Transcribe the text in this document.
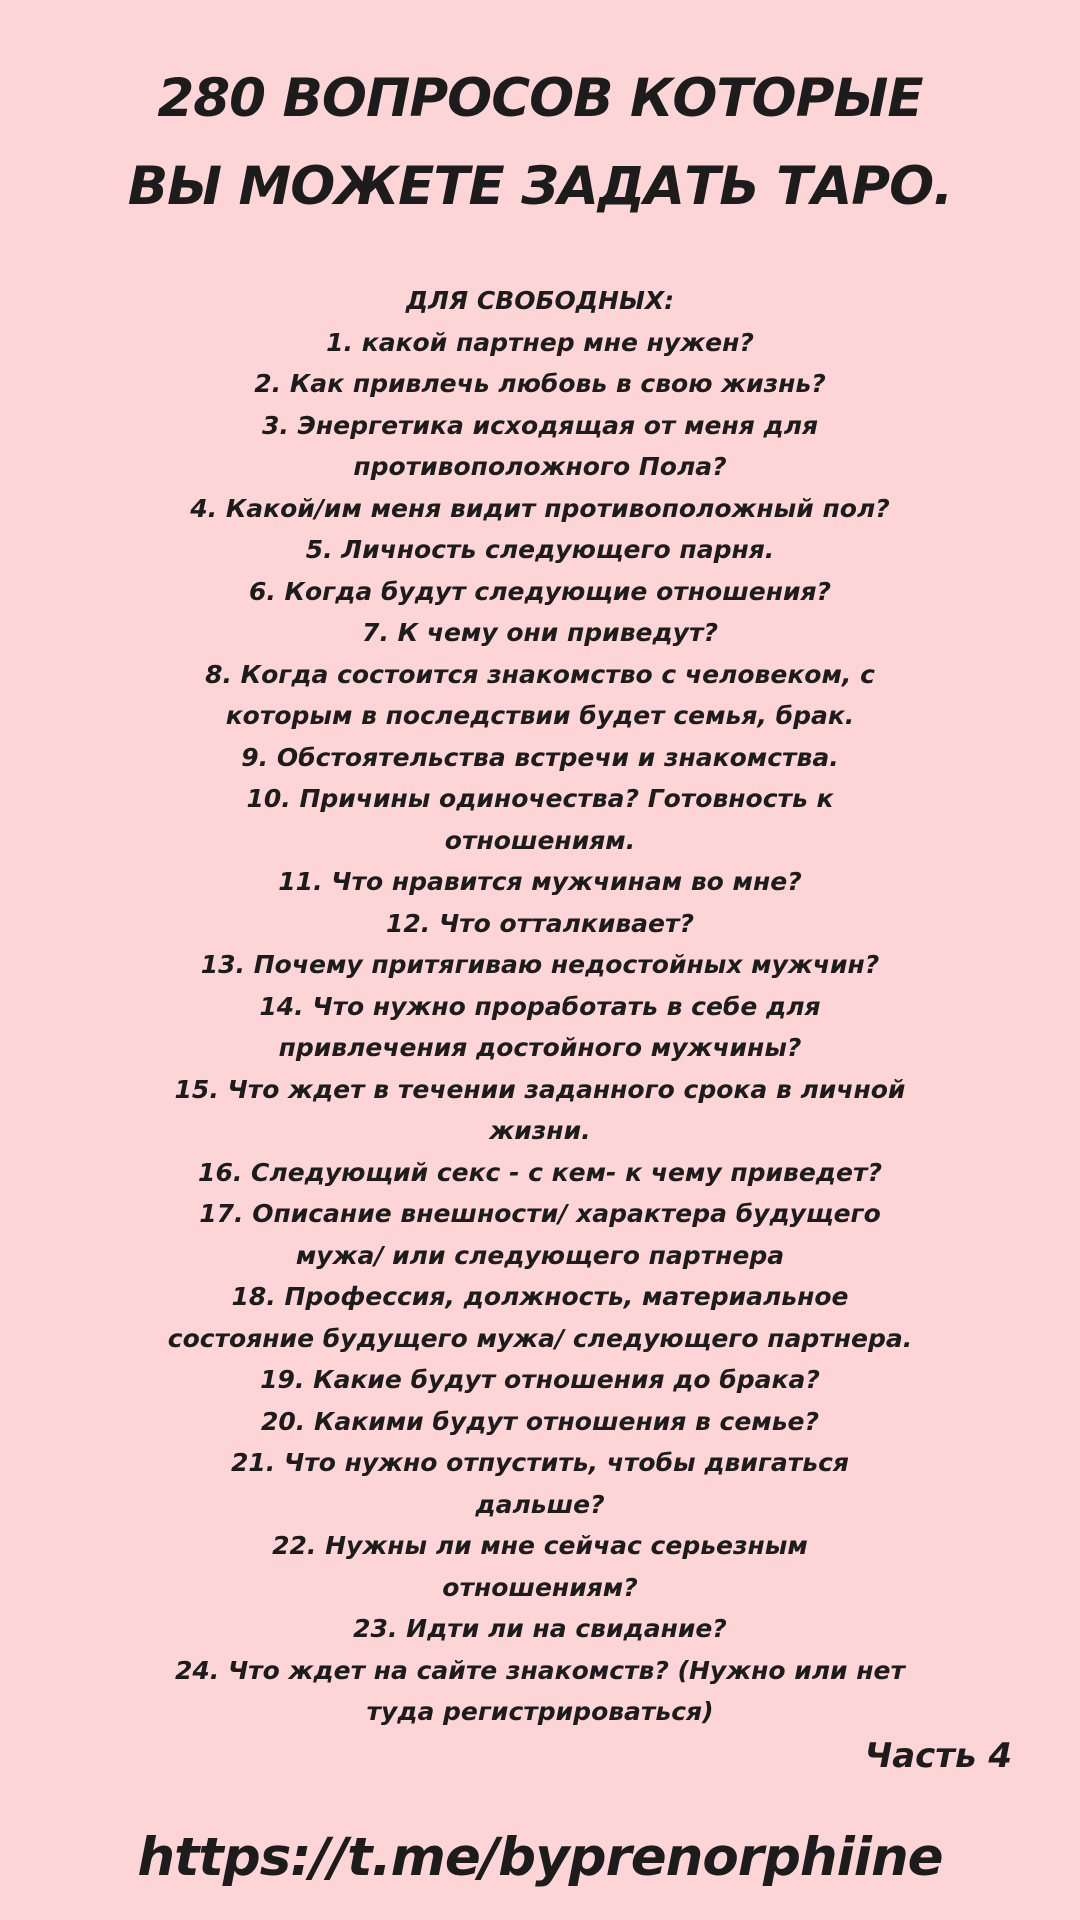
280 ВОПРОСОВ КОТОРЫЕ
ВЫ МОЖЕТЕ ЗАДАТЬ ТАРО.
ДЛЯ СВОБОДНЫХ:
1. какой партнер мне нужен?
2. Как привлечь любовь в свою жизнь?
3. Энергетика исходящая от меня для
противоположного Пола?
4. Какой/им меня видит противоположный пол?
5. Личность следующего парня.
6. Когда будут следующие отношения?
7. К чему они приведут?
8. Когда состоится знакомство с человеком, с
которым в последствии будет семья, брак.
9. Обстоятельства встречи и знакомства.
10. Причины одиночества? Готовность к
отношениям.
11. Что нравится мужчинам во мне?
12. Что отталкивает?
13. Почему притягиваю недостойных мужчин?
14. Что нужно проработать в себе для
привлечения достойного мужчины?
15. Что ждет в течении заданного срока в личной
жизни.
16. Следующий секс - с кем- к чему приведет?
17. Описание внешности/ характера будущего
мужа/ или следующего партнера
18. Профессия, должность, материальное
состояние будущего мужа/ следующего партнера.
19. Какие будут отношения до брака?
20. Какими будут отношения в семье?
21. Что нужно отпустить, чтобы двигаться
дальше?
22. Нужны ли мне сейчас серьезным
отношениям?
23. Идти ли на свидание?
24. Что ждет на сайте знакомств? (Нужно или нет
туда регистрироваться)
Часть 4
https://t.me/byprenorphiine
